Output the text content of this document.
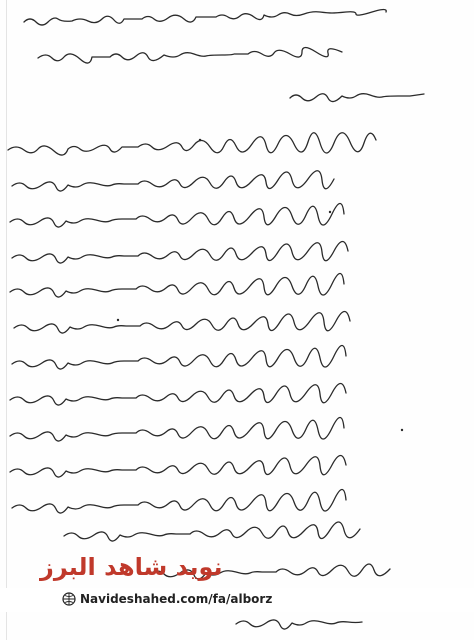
نوید شاهد البرز
Navideshahed.com/fa/alborz
